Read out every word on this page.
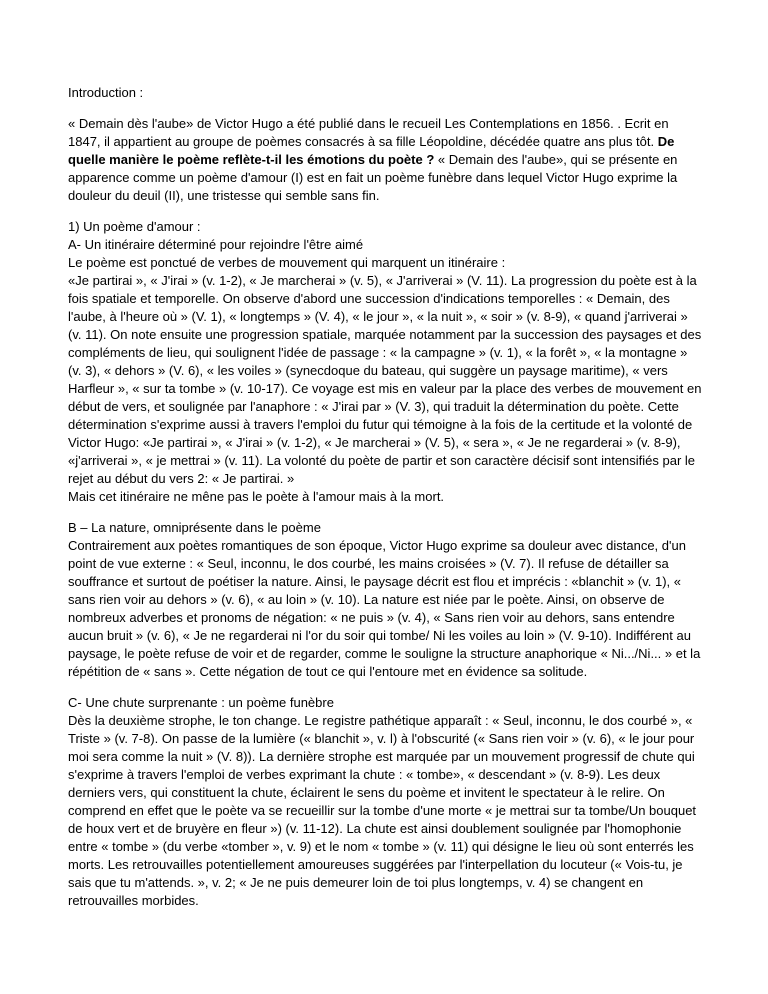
Introduction :

« Demain dès l'aube» de Victor Hugo a été publié dans le recueil Les Contemplations en 1856. . Ecrit en 1847, il appartient au groupe de poèmes consacrés à sa fille Léopoldine, décédée quatre ans plus tôt. De quelle manière le poème reflète-t-il les émotions du poète ? « Demain des l'aube», qui se présente en apparence comme un poème d'amour (I) est en fait un poème funèbre dans lequel Victor Hugo exprime la douleur du deuil (II), une tristesse qui semble sans fin.

1) Un poème d'amour :
A- Un itinéraire déterminé pour rejoindre l'être aimé
Le poème est ponctué de verbes de mouvement qui marquent un itinéraire :
«Je partirai », « J'irai » (v. 1-2), « Je marcherai » (v. 5), « J'arriverai » (V. 11). La progression du poète est à la fois spatiale et temporelle. On observe d'abord une succession d'indications temporelles : « Demain, des l'aube, à l'heure où » (V. 1), « longtemps » (V. 4), « le jour », « la nuit », « soir » (v. 8-9), « quand j'arriverai » (v. 11). On note ensuite une progression spatiale, marquée notamment par la succession des paysages et des compléments de lieu, qui soulignent l'idée de passage : « la campagne » (v. 1), « la forêt », « la montagne » (v. 3), « dehors » (V. 6), « les voiles » (synecdoque du bateau, qui suggère un paysage maritime), « vers Harfleur », « sur ta tombe » (v. 10-17). Ce voyage est mis en valeur par la place des verbes de mouvement en début de vers, et soulignée par l'anaphore : « J'irai par » (V. 3), qui traduit la détermination du poète. Cette détermination s'exprime aussi à travers l'emploi du futur qui témoigne à la fois de la certitude et la volonté de Victor Hugo: «Je partirai », « J'irai » (v. 1-2), « Je marcherai » (V. 5), « sera », « Je ne regarderai » (v. 8-9), «j'arriverai », « je mettrai » (v. 11). La volonté du poète de partir et son caractère décisif sont intensifiés par le rejet au début du vers 2: « Je partirai. »
Mais cet itinéraire ne mêne pas le poète à l'amour mais à la mort.
B – La nature, omniprésente dans le poème
Contrairement aux poètes romantiques de son époque, Victor Hugo exprime sa douleur avec distance, d'un point de vue externe : « Seul, inconnu, le dos courbé, les mains croisées » (V. 7). Il refuse de détailler sa souffrance et surtout de poétiser la nature. Ainsi, le paysage décrit est flou et imprécis : «blanchit » (v. 1), « sans rien voir au dehors » (v. 6), « au loin » (v. 10). La nature est niée par le poète. Ainsi, on observe de nombreux adverbes et pronoms de négation: « ne puis » (v. 4), « Sans rien voir au dehors, sans entendre aucun bruit » (v. 6), « Je ne regarderai ni l'or du soir qui tombe/ Ni les voiles au loin » (V. 9-10). Indifférent au paysage, le poète refuse de voir et de regarder, comme le souligne la structure anaphorique « Ni.../Ni... » et la répétition de « sans ». Cette négation de tout ce qui l'entoure met en évidence sa solitude.
C- Une chute surprenante : un poème funèbre
Dès la deuxième strophe, le ton change. Le registre pathétique apparaît : « Seul, inconnu, le dos courbé », « Triste » (v. 7-8). On passe de la lumière (« blanchit », v. l) à l'obscurité (« Sans rien voir » (v. 6), « le jour pour moi sera comme la nuit » (V. 8)). La dernière strophe est marquée par un mouvement progressif de chute qui s'exprime à travers l'emploi de verbes exprimant la chute : « tombe», « descendant » (v. 8-9). Les deux derniers vers, qui constituent la chute, éclairent le sens du poème et invitent le spectateur à le relire. On comprend en effet que le poète va se recueillir sur la tombe d'une morte « je mettrai sur ta tombe/Un bouquet de houx vert et de bruyère en fleur ») (v. 11-12). La chute est ainsi doublement soulignée par l'homophonie entre « tombe » (du verbe «tomber », v. 9) et le nom « tombe » (v. 11) qui désigne le lieu où sont enterrés les morts. Les retrouvailles potentiellement amoureuses suggérées par l'interpellation du locuteur (« Vois-tu, je sais que tu m'attends. », v. 2; « Je ne puis demeurer loin de toi plus longtemps, v. 4) se changent en retrouvailles morbides.
